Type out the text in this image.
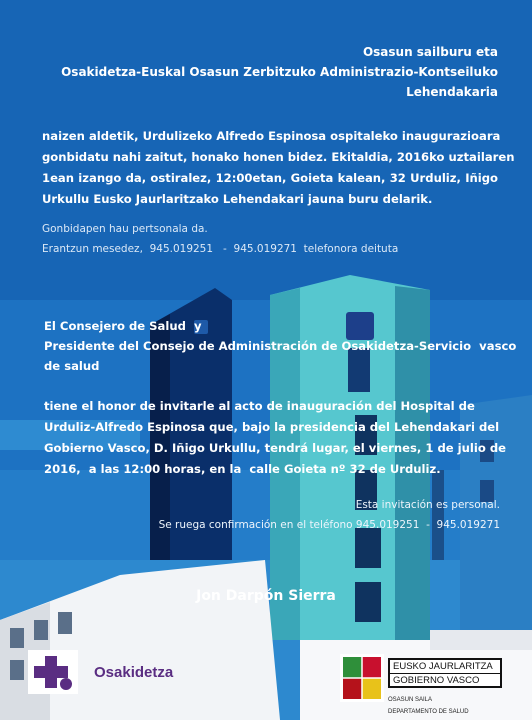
Osasun sailburu eta

Osakidetza-Euskal Osasun Zerbitzuko Administrazio-Kontseiluko

Lehendakaria

naizen aldetik, Urdulizeko Alfredo Espinosa ospitaleko inaugurazioara
gonbidatu nahi zaitut, honako honen bidez. Ekitaldia, 2016ko uztailaren
1ean izango da, ostiralez, 12:00etan, Goieta kalean, 32 Urduliz, Iñigo
Urkullu Eusko Jaurlaritzako Lehendakari jauna buru delarik.

Gonbidapen hau pertsonala da.

Erantzun mesedez,  945.019251   -  945.019271  telefonora deituta

El Consejero de Salud  y

Presidente del Consejo de Administración de Osakidetza-Servicio  vasco

de salud

tiene el honor de invitarle al acto de inauguración del Hospital de
Urduliz-Alfredo Espinosa que, bajo la presidencia del Lehendakari del
Gobierno Vasco, D. Iñigo Urkullu, tendrá lugar, el viernes, 1 de julio de
2016,  a las 12:00 horas, en la  calle Goieta nº 32 de Urduliz.

Esta invitación es personal.

Se ruega confirmación en el teléfono 945.019251  -  945.019271

Jon Darpón Sierra

Osakidetza	EUSKO JAURLARITZA
GOBIERNO VASCO
OSASUN SAILA
DEPARTAMENTO DE SALUD
